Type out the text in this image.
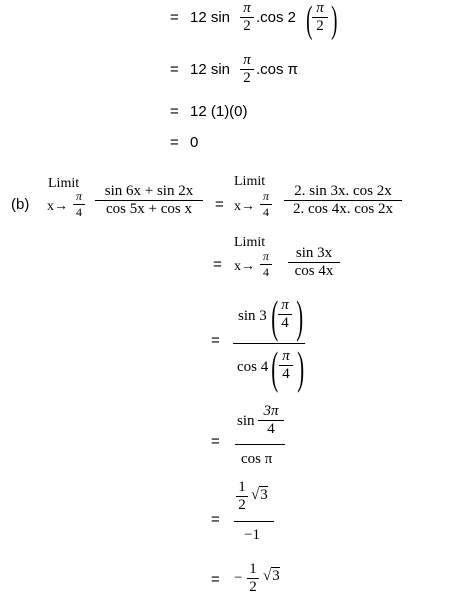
= 12 sin
π
2 .cos 2 ( π
2 )
= 12 sin
π
2 .cos π
= 12 (1)(0)
= 0
(b)
Limit
x→
π
4
sin 6x + sin 2x
cos 5x + cos x	=
Limit
x→
π
4
2. sin 3x. cos 2x
2. cos 4x. cos 2x
=
Limit
x→
π
4
sin 3x
cos 4x
=
sin 3 ( π
4 )
cos 4 ( π
4 )
=
sin
3π
4
cos π
=
1
2
√3
−1
= −
1
2
√3
